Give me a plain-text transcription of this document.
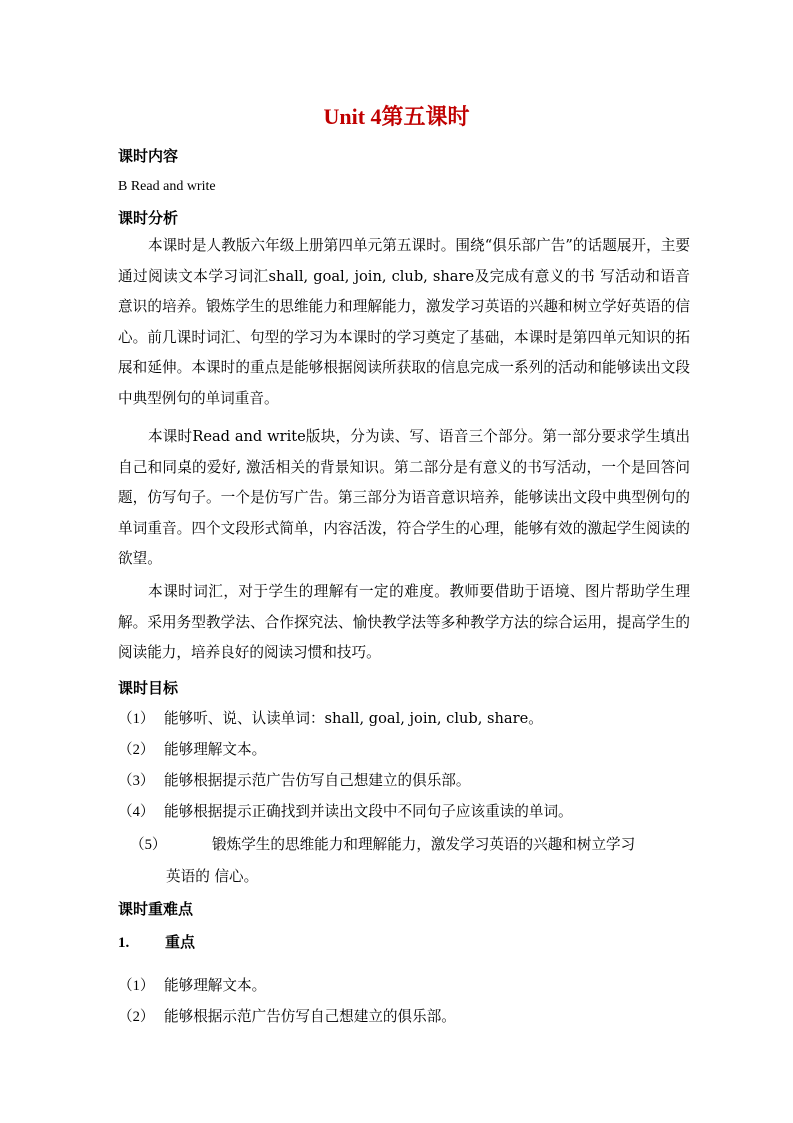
Unit 4第五课时
课时内容
B Read and write
课时分析

本课时是人教版六年级上册第四单元第五课时。围绕“俱乐部广告”的话题展开，主要通过阅读文本学习词汇shall, goal, join, club, share及完成有意义的书 写活动和语音意识的培养。锻炼学生的思维能力和理解能力，激发学习英语的兴趣和树立学好英语的信心。前几课时词汇、句型的学习为本课时的学习奠定了基础，本课时是第四单元知识的拓展和延伸。本课时的重点是能够根据阅读所获取的信息完成一系列的活动和能够读出文段中典型例句的单词重音。

本课时Read and write版块，分为读、写、语音三个部分。第一部分要求学生填出自己和同桌的爱好, 激活相关的背景知识。第二部分是有意义的书写活动，一个是回答问题，仿写句子。一个是仿写广告。第三部分为语音意识培养，能够读出文段中典型例句的单词重音。四个文段形式简单，内容活泼，符合学生的心理，能够有效的激起学生阅读的欲望。

本课时词汇，对于学生的理解有一定的难度。教师要借助于语境、图片帮助学生理解。采用务型教学法、合作探究法、愉快教学法等多种教学方法的综合运用，提高学生的阅读能力，培养良好的阅读习惯和技巧。

课时目标
（1） 能够听、说、认读单词：shall, goal, join, club, share。
（2） 能够理解文本。
（3） 能够根据提示范广告仿写自己想建立的俱乐部。
（4） 能够根据提示正确找到并读出文段中不同句子应该重读的单词。
（5）	锻炼学生的思维能力和理解能力，激发学习英语的兴趣和树立学习
英语的 信心。
课时重难点
1. 重点
（1） 能够理解文本。
（2） 能够根据示范广告仿写自己想建立的俱乐部。
